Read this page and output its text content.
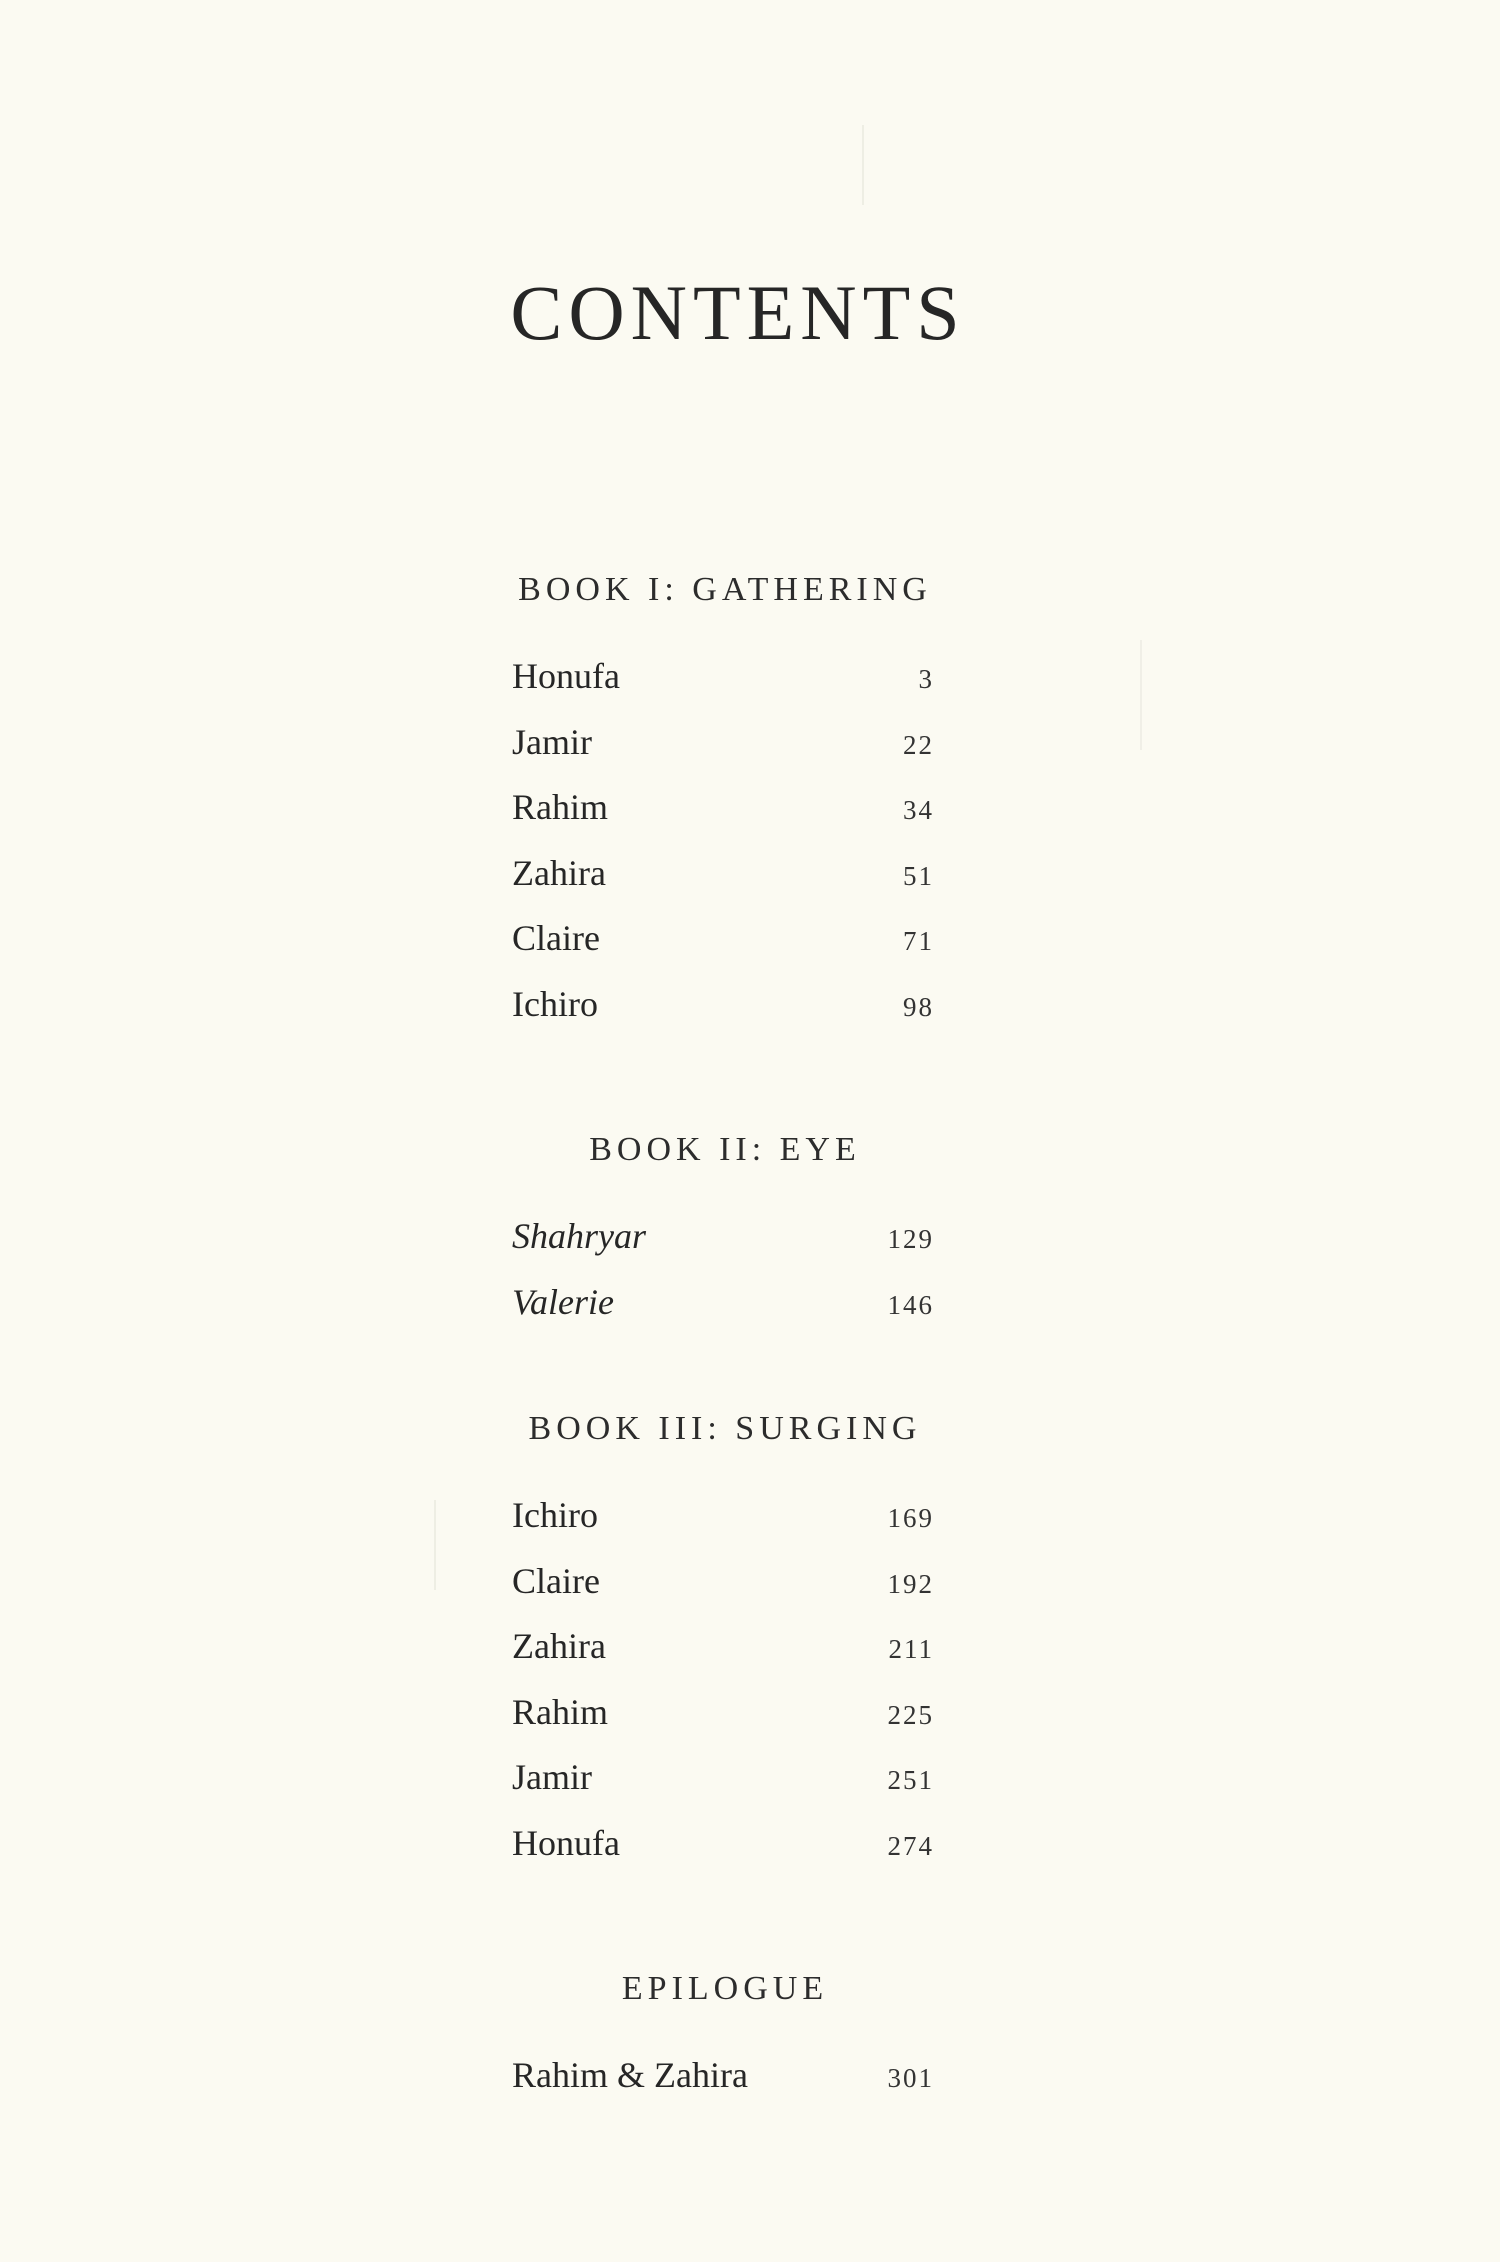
CONTENTS
BOOK I: GATHERING
Honufa	3
Jamir	22
Rahim	34
Zahira	51
Claire	71
Ichiro	98
BOOK II: EYE
Shahryar	129
Valerie	146
BOOK III: SURGING
Ichiro	169
Claire	192
Zahira	211
Rahim	225
Jamir	251
Honufa	274
EPILOGUE
Rahim & Zahira	301
